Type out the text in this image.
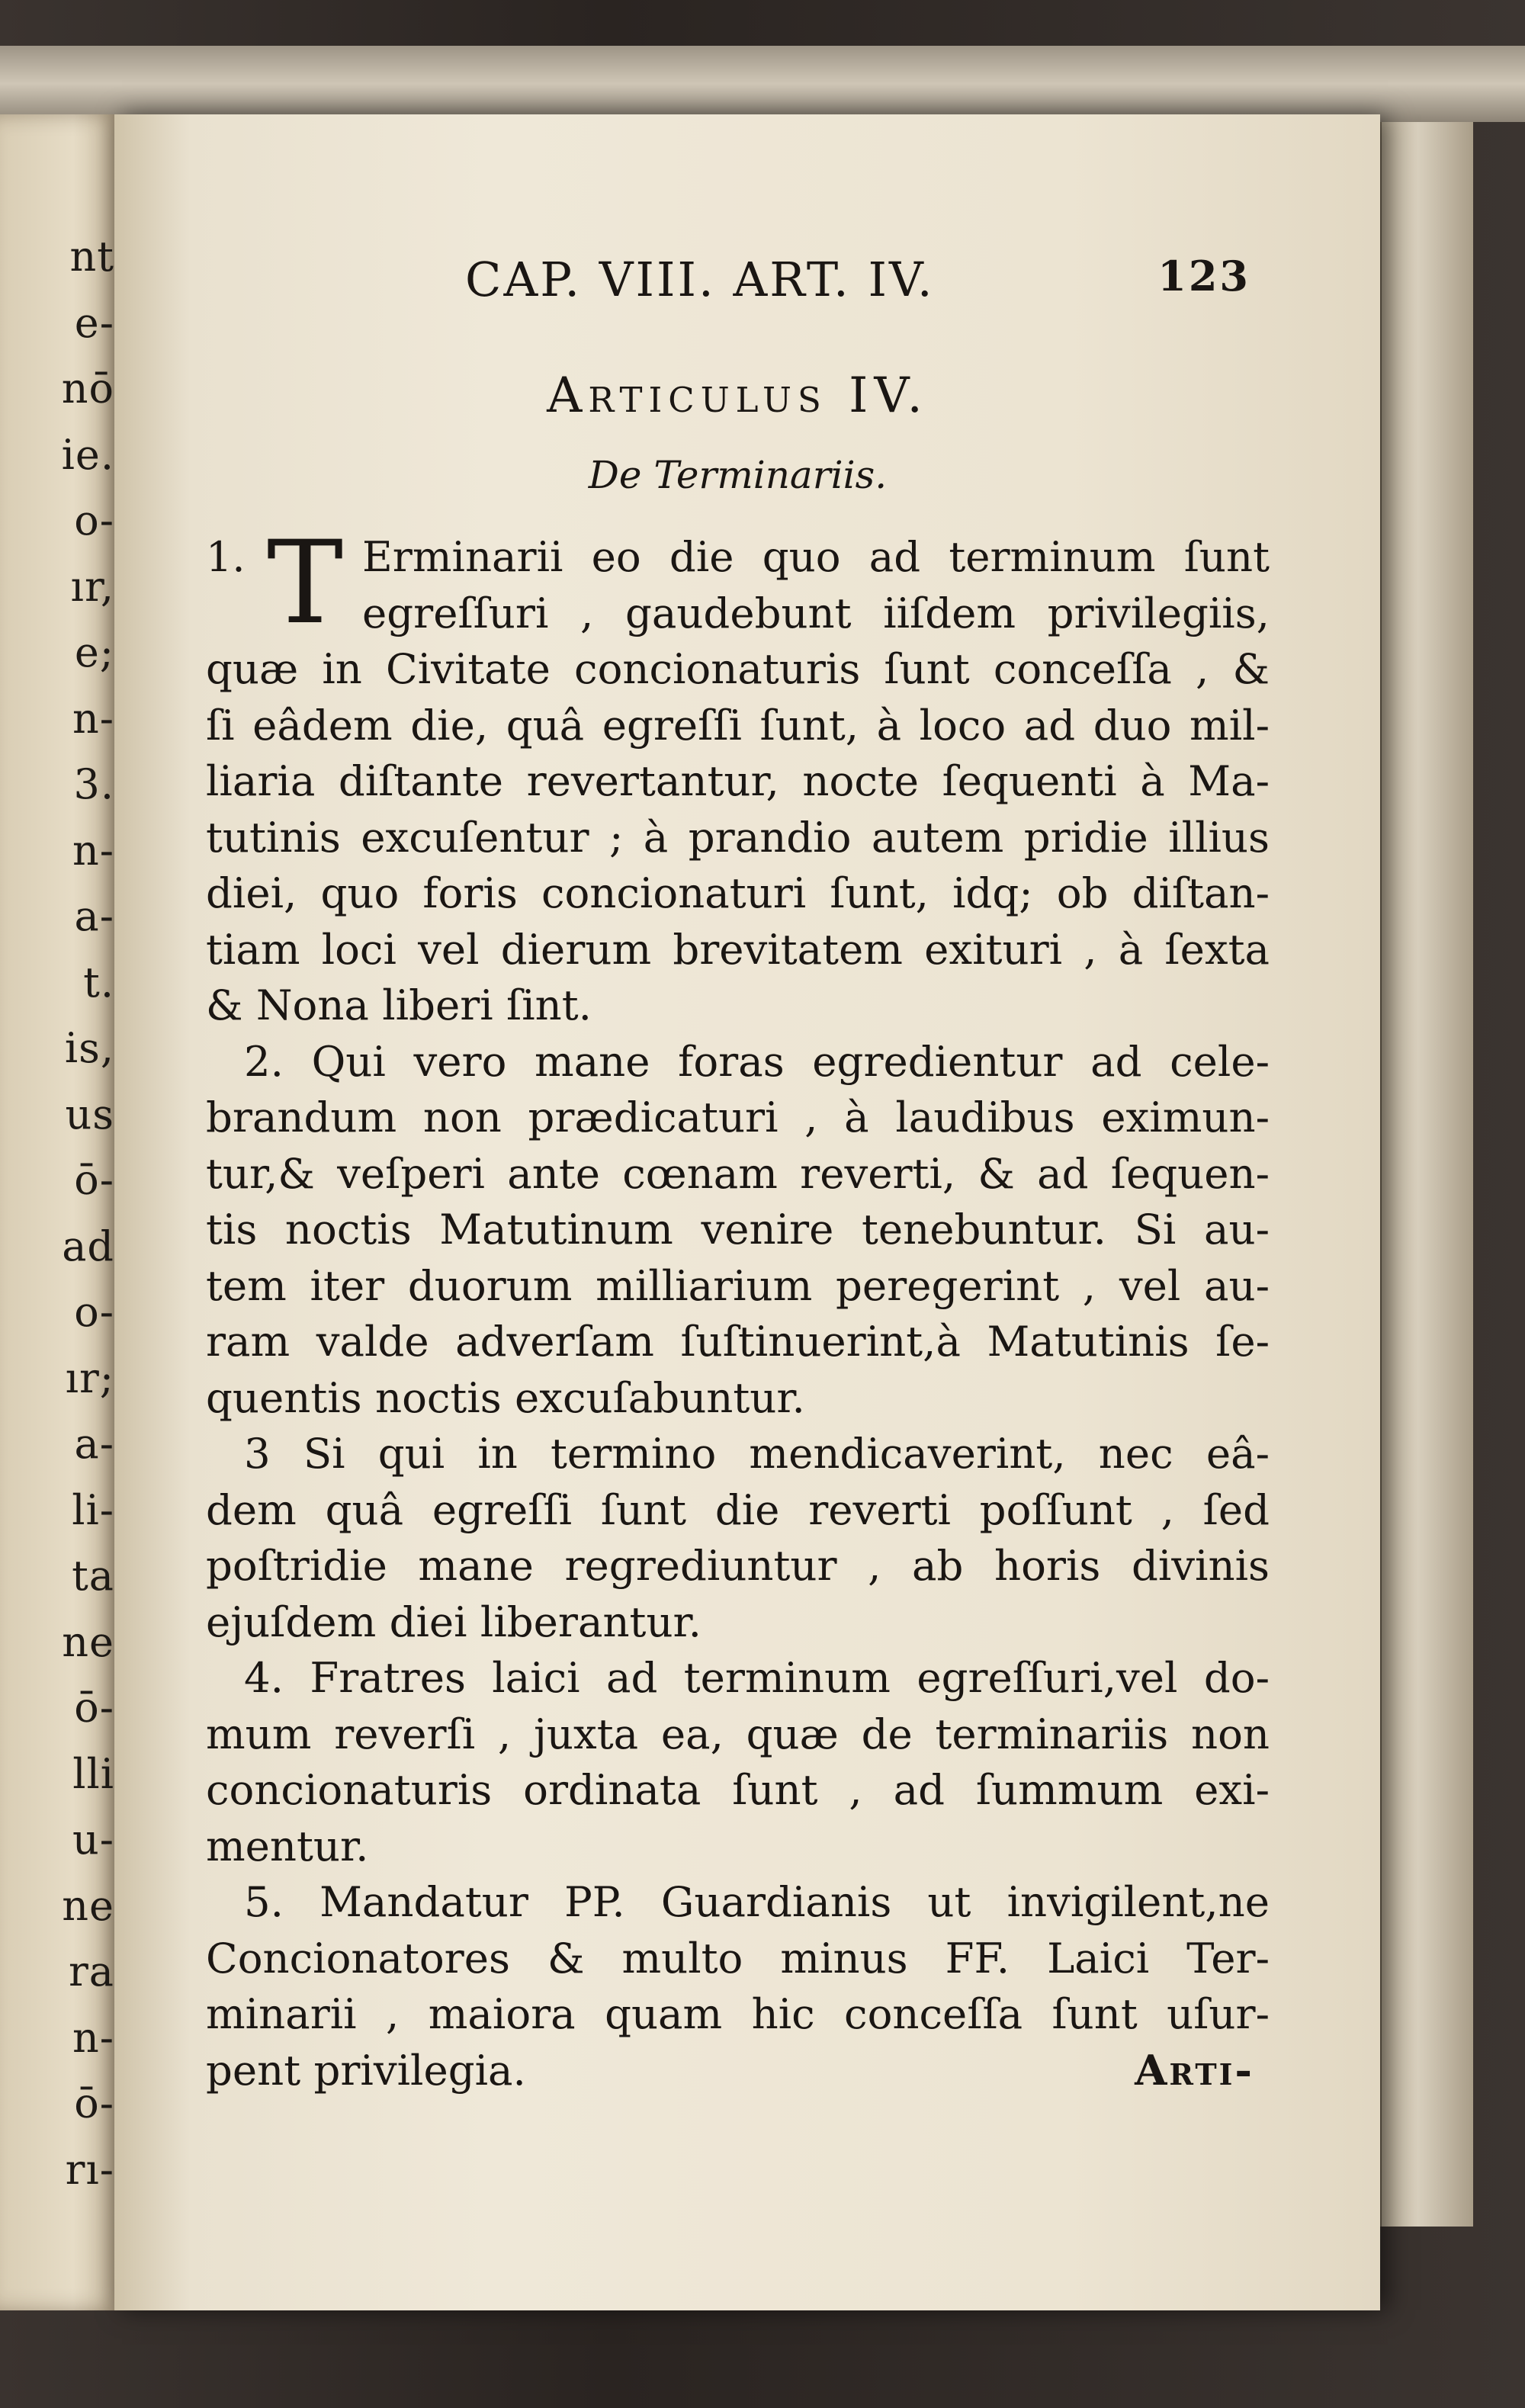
nt
e-
nō
ie.
o-
ır,
e;
n-
3.
n-
a-
t.
is,
us
ō-
ad
o-
ır;
a-
li-
ta
ne
ō-
lli
u-
ne
ra
n-
ō-
rı-
CAP. VIII. ART. IV.	123
Articulus IV.
De Terminariis.
1. T Erminarii eo die quo ad terminum ſunt
egreſſuri , gaudebunt iiſdem privilegiis,
quæ in Civitate concionaturis ſunt conceſſa , &
ſi eâdem die, quâ egreſſi ſunt, à loco ad duo mil-
liaria diſtante revertantur, nocte ſequenti à Ma-
tutinis excuſentur ; à prandio autem pridie illius
diei, quo foris concionaturi ſunt, idq; ob diſtan-
tiam loci vel dierum brevitatem exituri , à ſexta
& Nona liberi ſint.
2. Qui vero mane foras egredientur ad cele-
brandum non prædicaturi , à laudibus eximun-
tur,& veſperi ante cœnam reverti, & ad ſequen-
tis noctis Matutinum venire tenebuntur. Si au-
tem iter duorum milliarium peregerint , vel au-
ram valde adverſam ſuſtinuerint,à Matutinis ſe-
quentis noctis excuſabuntur.
3 Si qui in termino mendicaverint, nec eâ-
dem quâ egreſſi ſunt die reverti poſſunt , ſed
poſtridie mane regrediuntur , ab horis divinis
ejuſdem diei liberantur.
4. Fratres laici ad terminum egreſſuri,vel do-
mum reverſi , juxta ea, quæ de terminariis non
concionaturis ordinata ſunt , ad ſummum exi-
mentur.
5. Mandatur PP. Guardianis ut invigilent,ne
Concionatores & multo minus FF. Laici Ter-
minarii , maiora quam hic conceſſa ſunt uſur-
pent privilegia.	Arti-
